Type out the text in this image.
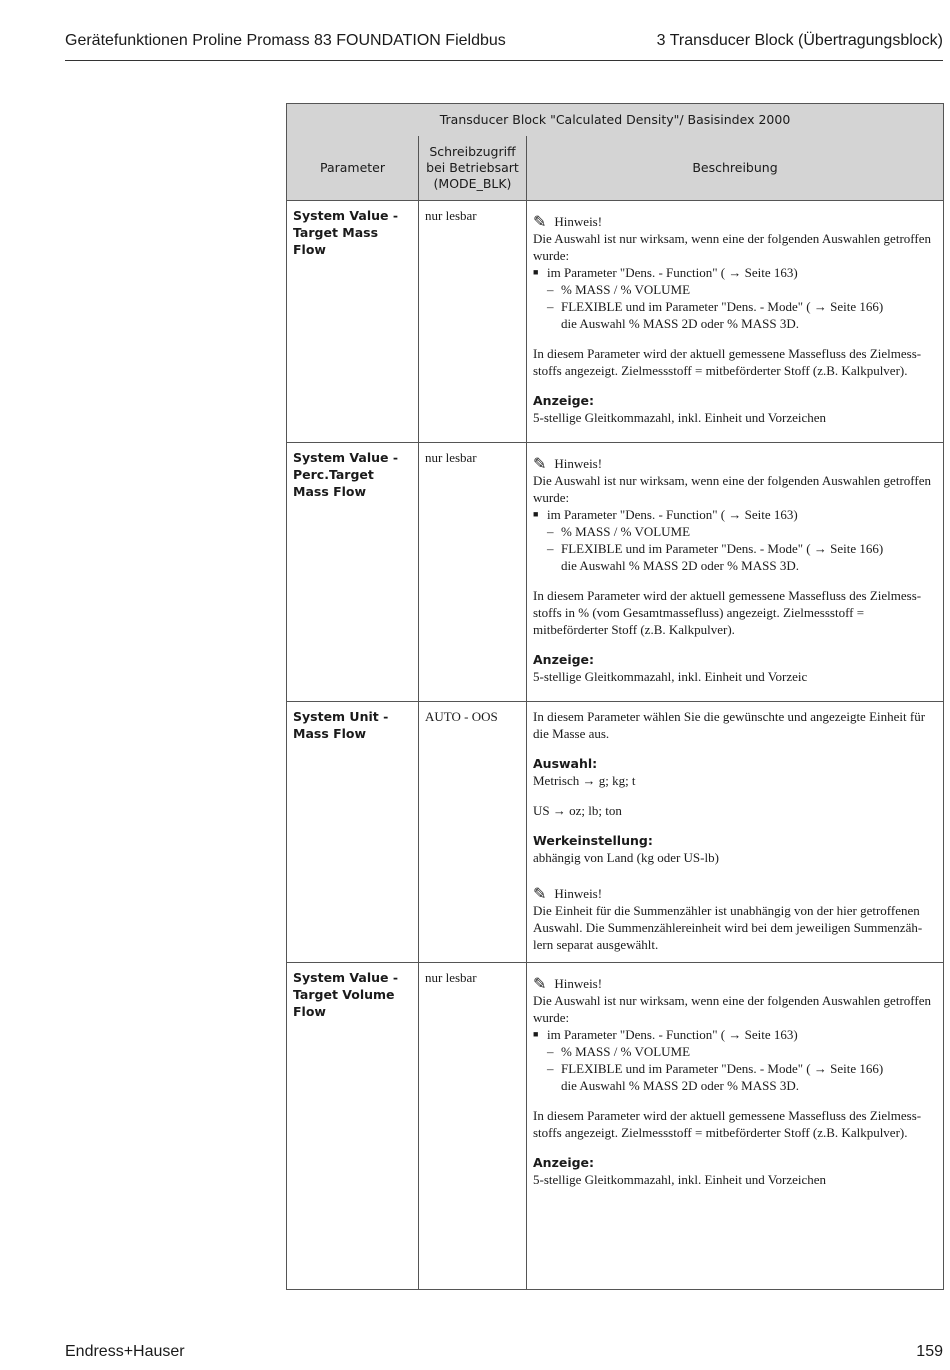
Gerätefunktionen Proline Promass 83 FOUNDATION Fieldbus	3 Transducer Block (Übertragungsblock)
Transducer Block "Calculated Density"/ Basisindex 2000
Parameter
Schreibzugriff bei Betriebsart (MODE_BLK)
Beschreibung
System Value - Target Mass Flow
nur lesbar	✎ Hinweis!

Die Auswahl ist nur wirksam, wenn eine der folgenden Auswahlen getroffen wurde:

■ im Parameter "Dens. - Function" ( → Seite 163)

– % MASS / % VOLUME

– FLEXIBLE und im Parameter "Dens. - Mode" ( → Seite 166)

die Auswahl % MASS 2D oder % MASS 3D.

In diesem Parameter wird der aktuell gemessene Massefluss des Zielmess-stoffs angezeigt. Zielmessstoff = mitbeförderter Stoff (z.B. Kalkpulver).

Anzeige:

5-stellige Gleitkommazahl, inkl. Einheit und Vorzeichen

System Value - Perc.Target Mass Flow
nur lesbar	✎ Hinweis!

Die Auswahl ist nur wirksam, wenn eine der folgenden Auswahlen getroffen wurde:

■ im Parameter "Dens. - Function" ( → Seite 163)

– % MASS / % VOLUME

– FLEXIBLE und im Parameter "Dens. - Mode" ( → Seite 166)

die Auswahl % MASS 2D oder % MASS 3D.

In diesem Parameter wird der aktuell gemessene Massefluss des Zielmess-stoffs in % (vom Gesamtmassefluss) angezeigt. Zielmessstoff = mitbeförderter Stoff (z.B. Kalkpulver).

Anzeige:

5-stellige Gleitkommazahl, inkl. Einheit und Vorzeic

System Unit - Mass Flow
AUTO - OOS	In diesem Parameter wählen Sie die gewünschte und angezeigte Einheit für die Masse aus.

Auswahl:

Metrisch → g; kg; t

US → oz; lb; ton

Werkeinstellung:

abhängig von Land (kg oder US-lb)

✎ Hinweis!

Die Einheit für die Summenzähler ist unabhängig von der hier getroffenen Auswahl. Die Summenzählereinheit wird bei dem jeweiligen Summenzäh-lern separat ausgewählt.

System Value - Target Volume Flow
nur lesbar	✎ Hinweis!

Die Auswahl ist nur wirksam, wenn eine der folgenden Auswahlen getroffen wurde:

■ im Parameter "Dens. - Function" ( → Seite 163)

– % MASS / % VOLUME

– FLEXIBLE und im Parameter "Dens. - Mode" ( → Seite 166)

die Auswahl % MASS 2D oder % MASS 3D.

In diesem Parameter wird der aktuell gemessene Massefluss des Zielmess-stoffs angezeigt. Zielmessstoff = mitbeförderter Stoff (z.B. Kalkpulver).

Anzeige:

5-stellige Gleitkommazahl, inkl. Einheit und Vorzeichen

Endress+Hauser	159
